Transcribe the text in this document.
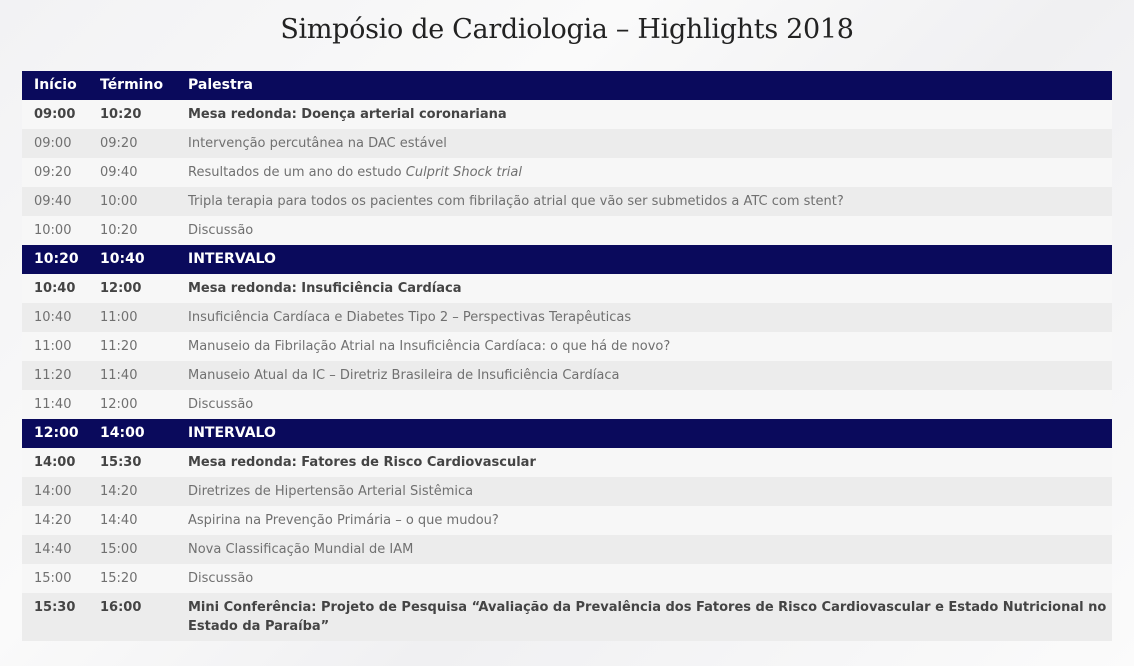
Simpósio de Cardiologia – Highlights 2018
Início	Término	Palestra
09:00	10:20	Mesa redonda: Doença arterial coronariana
09:00	09:20	Intervenção percutânea na DAC estável
09:20	09:40	Resultados de um ano do estudo Culprit Shock trial
09:40	10:00	Tripla terapia para todos os pacientes com fibrilação atrial que vão ser submetidos a ATC com stent?
10:00	10:20	Discussão
10:20	10:40	INTERVALO
10:40	12:00	Mesa redonda: Insuficiência Cardíaca
10:40	11:00	Insuficiência Cardíaca e Diabetes Tipo 2 – Perspectivas Terapêuticas
11:00	11:20	Manuseio da Fibrilação Atrial na Insuficiência Cardíaca: o que há de novo?
11:20	11:40	Manuseio Atual da IC – Diretriz Brasileira de Insuficiência Cardíaca
11:40	12:00	Discussão
12:00	14:00	INTERVALO
14:00	15:30	Mesa redonda: Fatores de Risco Cardiovascular
14:00	14:20	Diretrizes de Hipertensão Arterial Sistêmica
14:20	14:40	Aspirina na Prevenção Primária – o que mudou?
14:40	15:00	Nova Classificação Mundial de IAM
15:00	15:20	Discussão
15:30	16:00	Mini Conferência: Projeto de Pesquisa “Avaliação da Prevalência dos Fatores de Risco Cardiovascular e Estado Nutricional no Estado da Paraíba”
